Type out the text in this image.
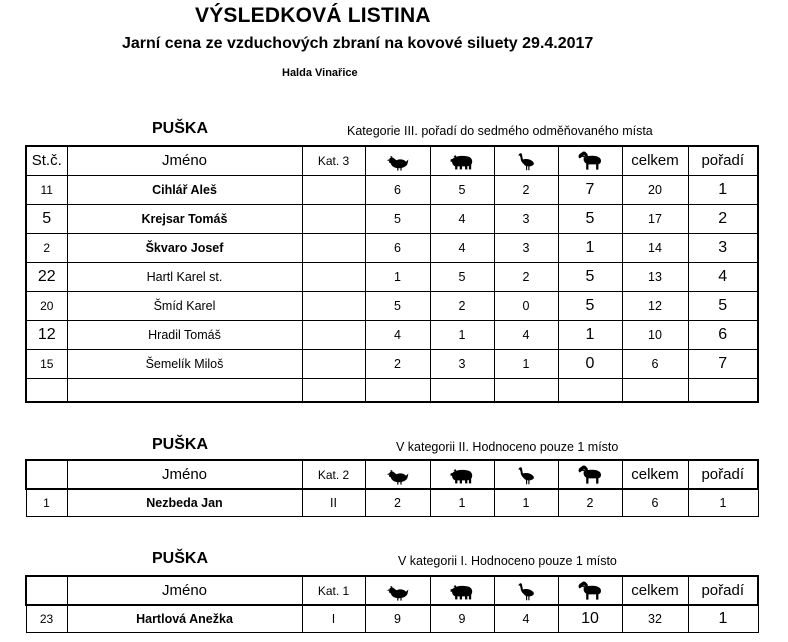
VÝSLEDKOVÁ LISTINA
Jarní cena ze vzduchových zbraní na kovové siluety 29.4.2017
Halda Vinařice
PUŠKA	Kategorie III. pořadí do sedmého odměňovaného místa
St.č.	Jméno	Kat. 3					celkem	pořadí
11	Cihlář Aleš		6	5	2	7	20	1
5	Krejsar Tomáš		5	4	3	5	17	2
2	Škvaro Josef		6	4	3	1	14	3
22	Hartl Karel st.		1	5	2	5	13	4
20	Šmíd Karel		5	2	0	5	12	5
12	Hradil Tomáš		4	1	4	1	10	6
15	Šemelík Miloš		2	3	1	0	6	7

PUŠKA	V kategorii II. Hodnoceno pouze 1 místo
	Jméno	Kat. 2					celkem	pořadí
1	Nezbeda Jan	II	2	1	1	2	6	1
PUŠKA	V kategorii I. Hodnoceno pouze 1 místo
	Jméno	Kat. 1					celkem	pořadí
23	Hartlová Anežka	I	9	9	4	10	32	1
